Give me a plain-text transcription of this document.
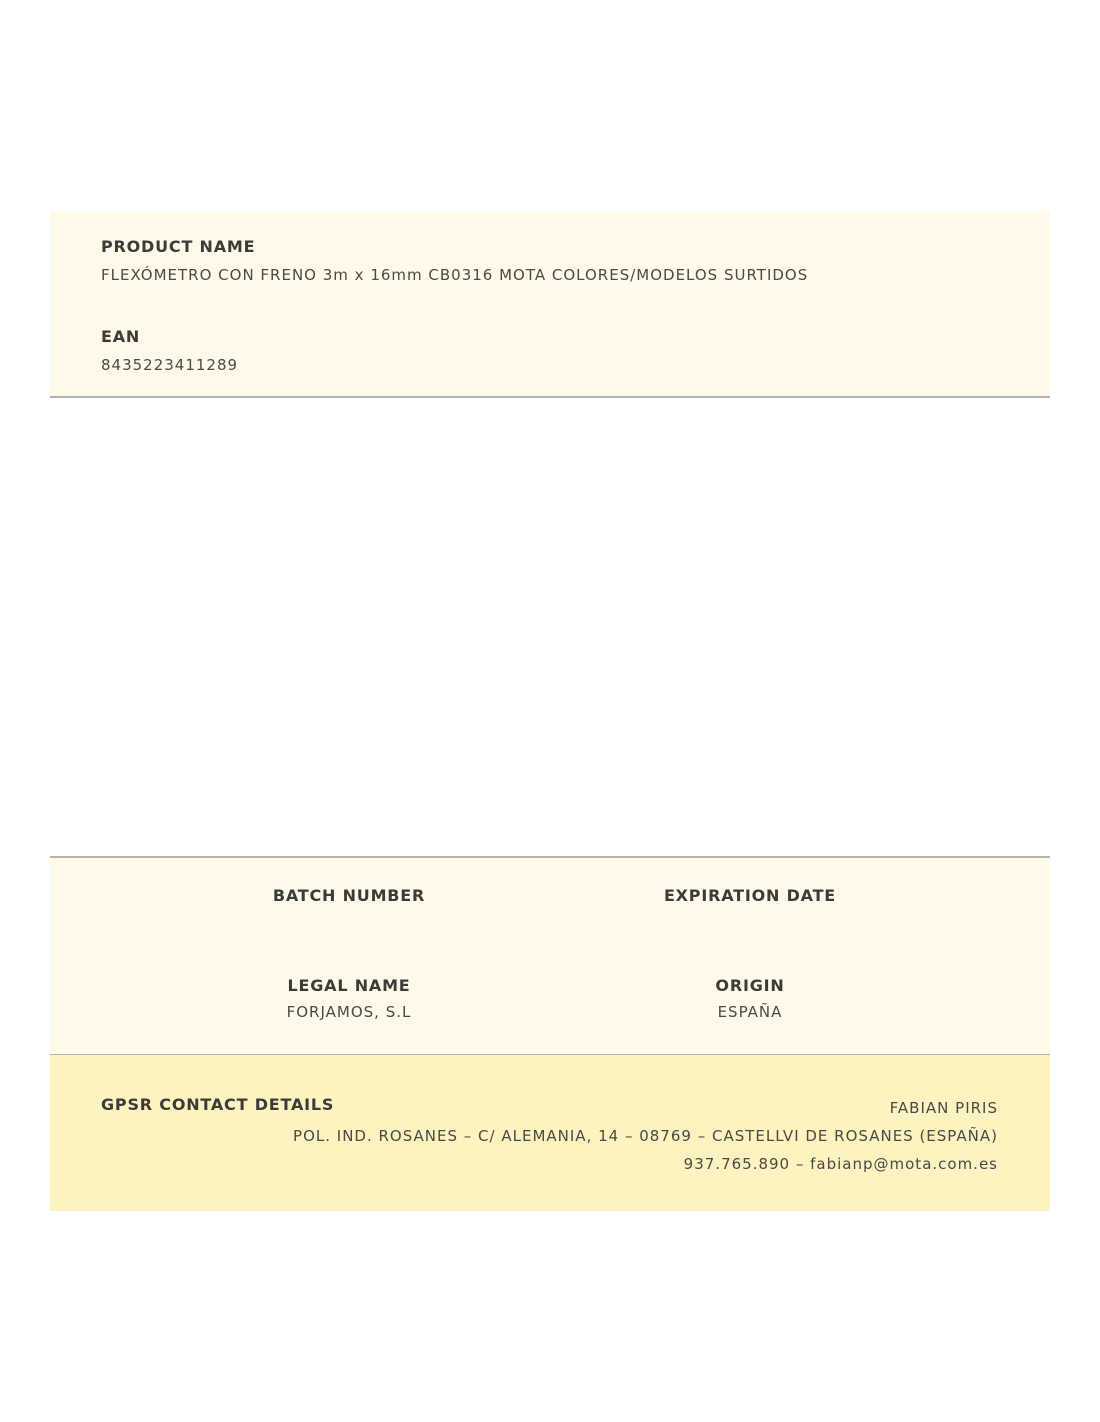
PRODUCT NAME
FLEXÓMETRO CON FRENO 3m x 16mm CB0316 MOTA COLORES/MODELOS SURTIDOS
EAN
8435223411289
BATCH NUMBER	EXPIRATION DATE
LEGAL NAME
FORJAMOS, S.L
ORIGIN
ESPAÑA
GPSR CONTACT DETAILS	FABIAN PIRIS
POL. IND. ROSANES – C/ ALEMANIA, 14 – 08769 – CASTELLVI DE ROSANES (ESPAÑA)
937.765.890 – fabianp@mota.com.es
